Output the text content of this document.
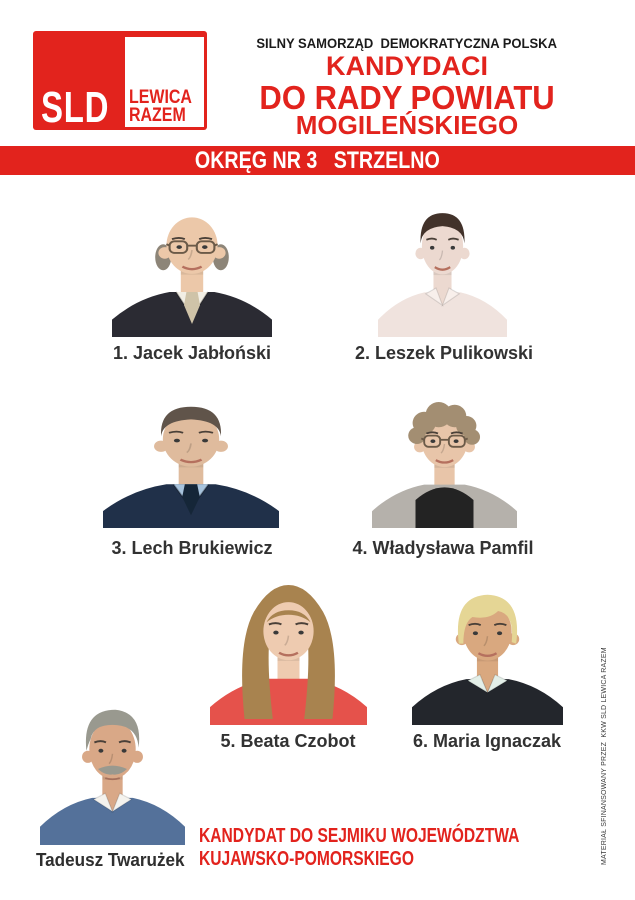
SLD LEWICA
RAZEM
SILNY SAMORZĄD  DEMOKRATYCZNA POLSKA
KANDYDACI
DO RADY POWIATU
MOGILEŃSKIEGO
OKRĘG NR 3   STRZELNO
1. Jacek Jabłoński	2. Leszek Pulikowski
3. Lech Brukiewicz	4. Władysława Pamfil
5. Beata Czobot	6. Maria Ignaczak
Tadeusz Twarużek
KANDYDAT DO SEJMIKU WOJEWÓDZTWA
KUJAWSKO-POMORSKIEGO	MATERIAŁ SFINANSOWANY PRZEZ  KKW SLD LEWICA RAZEM
